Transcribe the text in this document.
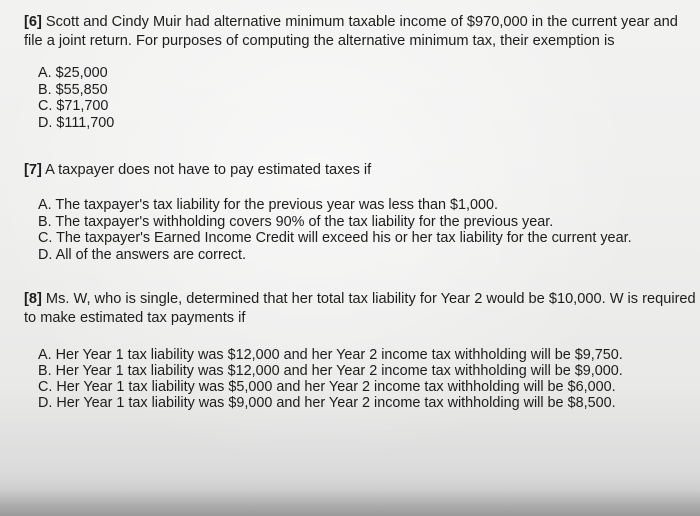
[6] Scott and Cindy Muir had alternative minimum taxable income of $970,000 in the current year and file a joint return. For purposes of computing the alternative minimum tax, their exemption is

A. $25,000
B. $55,850
C. $71,700
D. $111,700

[7] A taxpayer does not have to pay estimated taxes if

A. The taxpayer's tax liability for the previous year was less than $1,000.
B. The taxpayer's withholding covers 90% of the tax liability for the previous year.
C. The taxpayer's Earned Income Credit will exceed his or her tax liability for the current year.
D. All of the answers are correct.

[8] Ms. W, who is single, determined that her total tax liability for Year 2 would be $10,000. W is required to make estimated tax payments if

A. Her Year 1 tax liability was $12,000 and her Year 2 income tax withholding will be $9,750.
B. Her Year 1 tax liability was $12,000 and her Year 2 income tax withholding will be $9,000.
C. Her Year 1 tax liability was $5,000 and her Year 2 income tax withholding will be $6,000.
D. Her Year 1 tax liability was $9,000 and her Year 2 income tax withholding will be $8,500.
